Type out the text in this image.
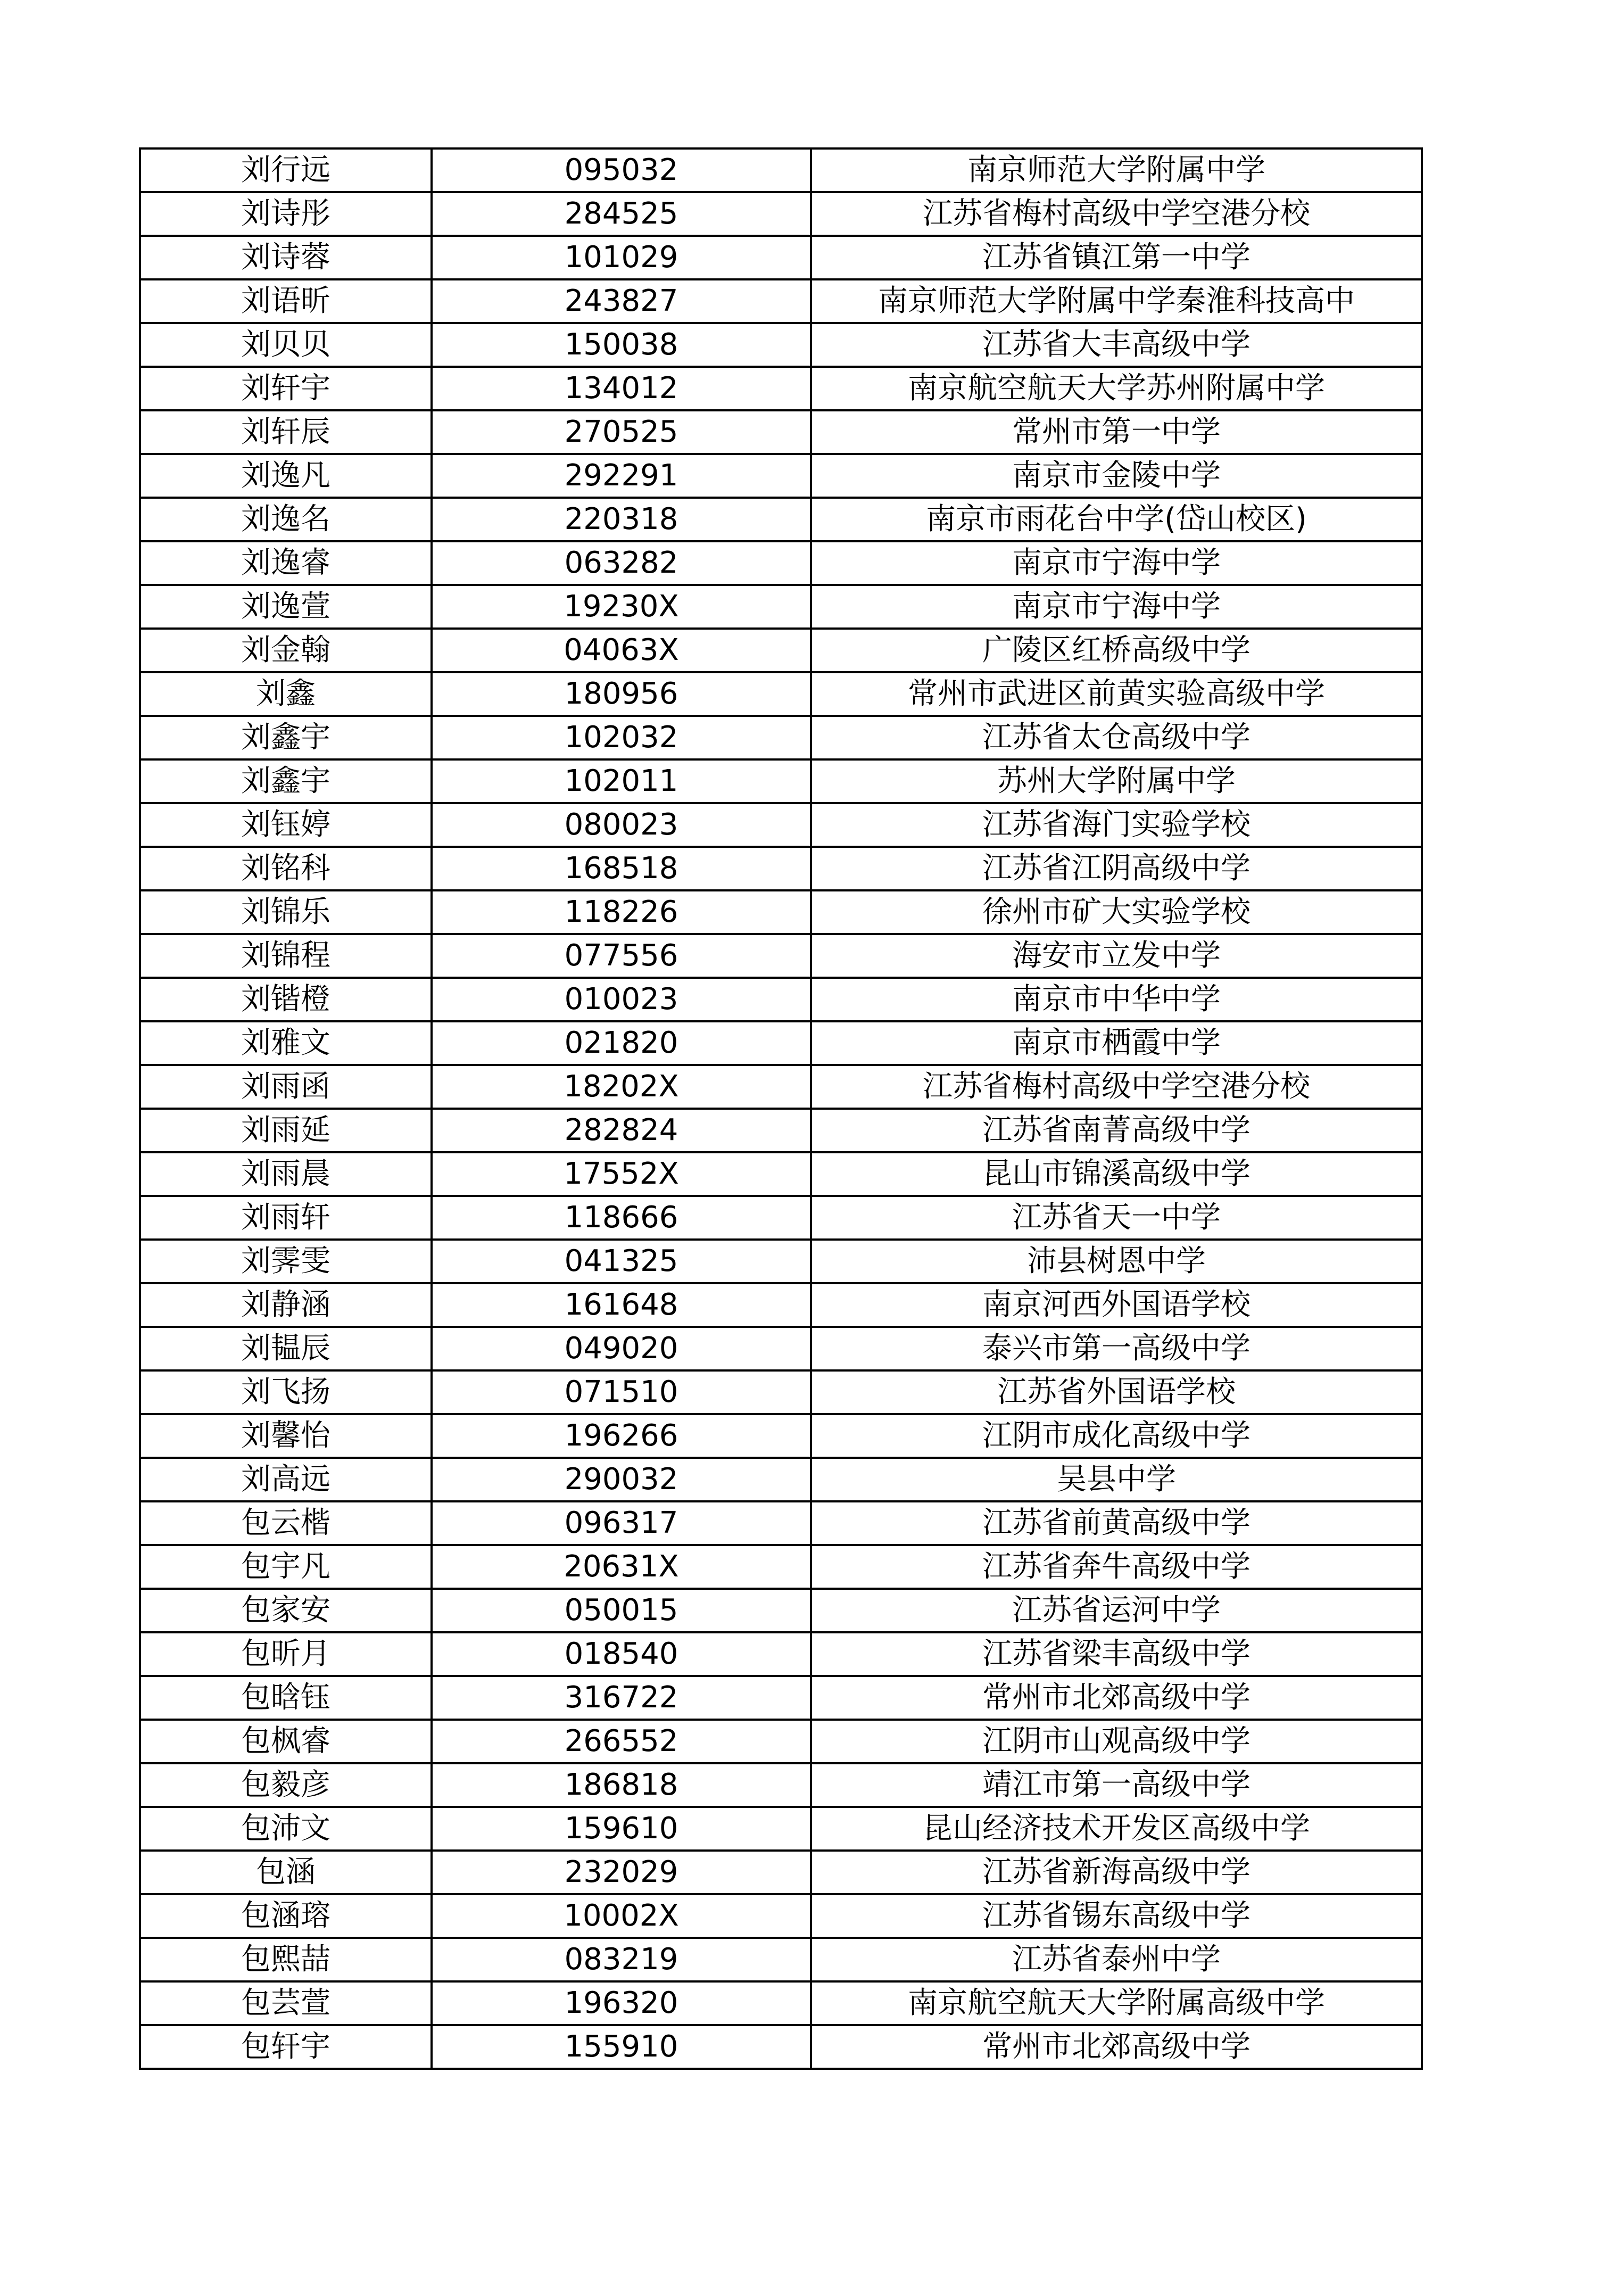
刘行远	095032	南京师范大学附属中学
刘诗彤	284525	江苏省梅村高级中学空港分校
刘诗蓉	101029	江苏省镇江第一中学
刘语昕	243827	南京师范大学附属中学秦淮科技高中
刘贝贝	150038	江苏省大丰高级中学
刘轩宇	134012	南京航空航天大学苏州附属中学
刘轩辰	270525	常州市第一中学
刘逸凡	292291	南京市金陵中学
刘逸名	220318	南京市雨花台中学(岱山校区)
刘逸睿	063282	南京市宁海中学
刘逸萱	19230X	南京市宁海中学
刘金翰	04063X	广陵区红桥高级中学
刘鑫	180956	常州市武进区前黄实验高级中学
刘鑫宇	102032	江苏省太仓高级中学
刘鑫宇	102011	苏州大学附属中学
刘钰婷	080023	江苏省海门实验学校
刘铭科	168518	江苏省江阴高级中学
刘锦乐	118226	徐州市矿大实验学校
刘锦程	077556	海安市立发中学
刘锴橙	010023	南京市中华中学
刘雅文	021820	南京市栖霞中学
刘雨函	18202X	江苏省梅村高级中学空港分校
刘雨延	282824	江苏省南菁高级中学
刘雨晨	17552X	昆山市锦溪高级中学
刘雨轩	118666	江苏省天一中学
刘霁雯	041325	沛县树恩中学
刘静涵	161648	南京河西外国语学校
刘韫辰	049020	泰兴市第一高级中学
刘飞扬	071510	江苏省外国语学校
刘馨怡	196266	江阴市成化高级中学
刘高远	290032	吴县中学
包云楷	096317	江苏省前黄高级中学
包宇凡	20631X	江苏省奔牛高级中学
包家安	050015	江苏省运河中学
包昕月	018540	江苏省梁丰高级中学
包晗钰	316722	常州市北郊高级中学
包枫睿	266552	江阴市山观高级中学
包毅彦	186818	靖江市第一高级中学
包沛文	159610	昆山经济技术开发区高级中学
包涵	232029	江苏省新海高级中学
包涵瑢	10002X	江苏省锡东高级中学
包熙喆	083219	江苏省泰州中学
包芸萱	196320	南京航空航天大学附属高级中学
包轩宇	155910	常州市北郊高级中学
